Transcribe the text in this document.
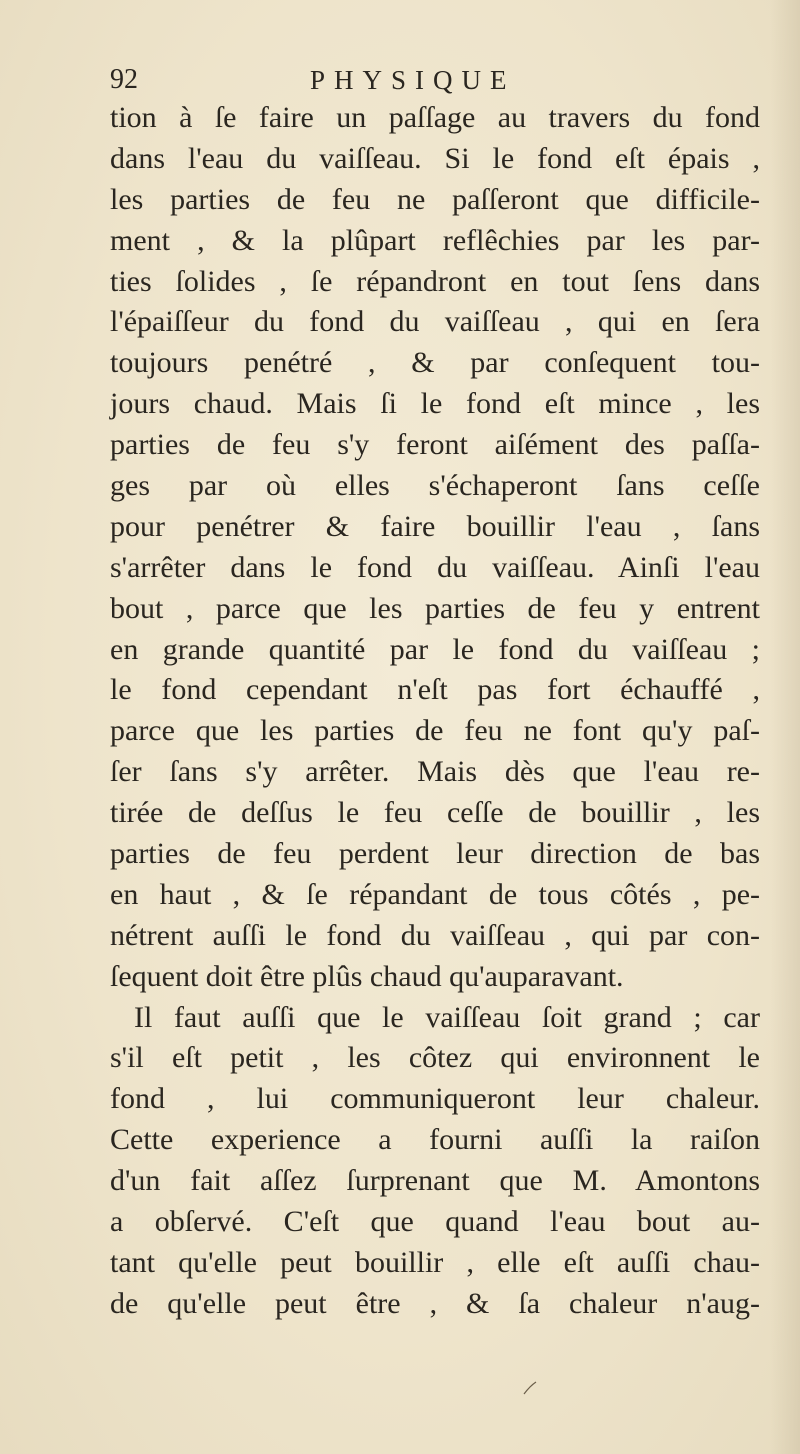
92	PHYSIQUE
tion à ſe faire un paſſage au travers du fond
dans l'eau du vaiſſeau. Si le fond eſt épais ,
les parties de feu ne paſſeront que difficile-
ment , & la plûpart reflêchies par les par-
ties ſolides , ſe répandront en tout ſens dans
l'épaiſſeur du fond du vaiſſeau , qui en ſera
toujours penétré , & par conſequent tou-
jours chaud. Mais ſi le fond eſt mince , les
parties de feu s'y feront aiſément des paſſa-
ges par où elles s'échaperont ſans ceſſe
pour penétrer & faire bouillir l'eau , ſans
s'arrêter dans le fond du vaiſſeau. Ainſi l'eau
bout , parce que les parties de feu y entrent
en grande quantité par le fond du vaiſſeau ;
le fond cependant n'eſt pas fort échauffé ,
parce que les parties de feu ne font qu'y paſ-
ſer ſans s'y arrêter. Mais dès que l'eau re-
tirée de deſſus le feu ceſſe de bouillir , les
parties de feu perdent leur direction de bas
en haut , & ſe répandant de tous côtés , pe-
nétrent auſſi le fond du vaiſſeau , qui par con-
ſequent doit être plûs chaud qu'auparavant.
Il faut auſſi que le vaiſſeau ſoit grand ; car
s'il eſt petit , les côtez qui environnent le
fond , lui communiqueront leur chaleur.
Cette experience a fourni auſſi la raiſon
d'un fait aſſez ſurprenant que M. Amontons
a obſervé. C'eſt que quand l'eau bout au-
tant qu'elle peut bouillir , elle eſt auſſi chau-
de qu'elle peut être , & ſa chaleur n'aug-
